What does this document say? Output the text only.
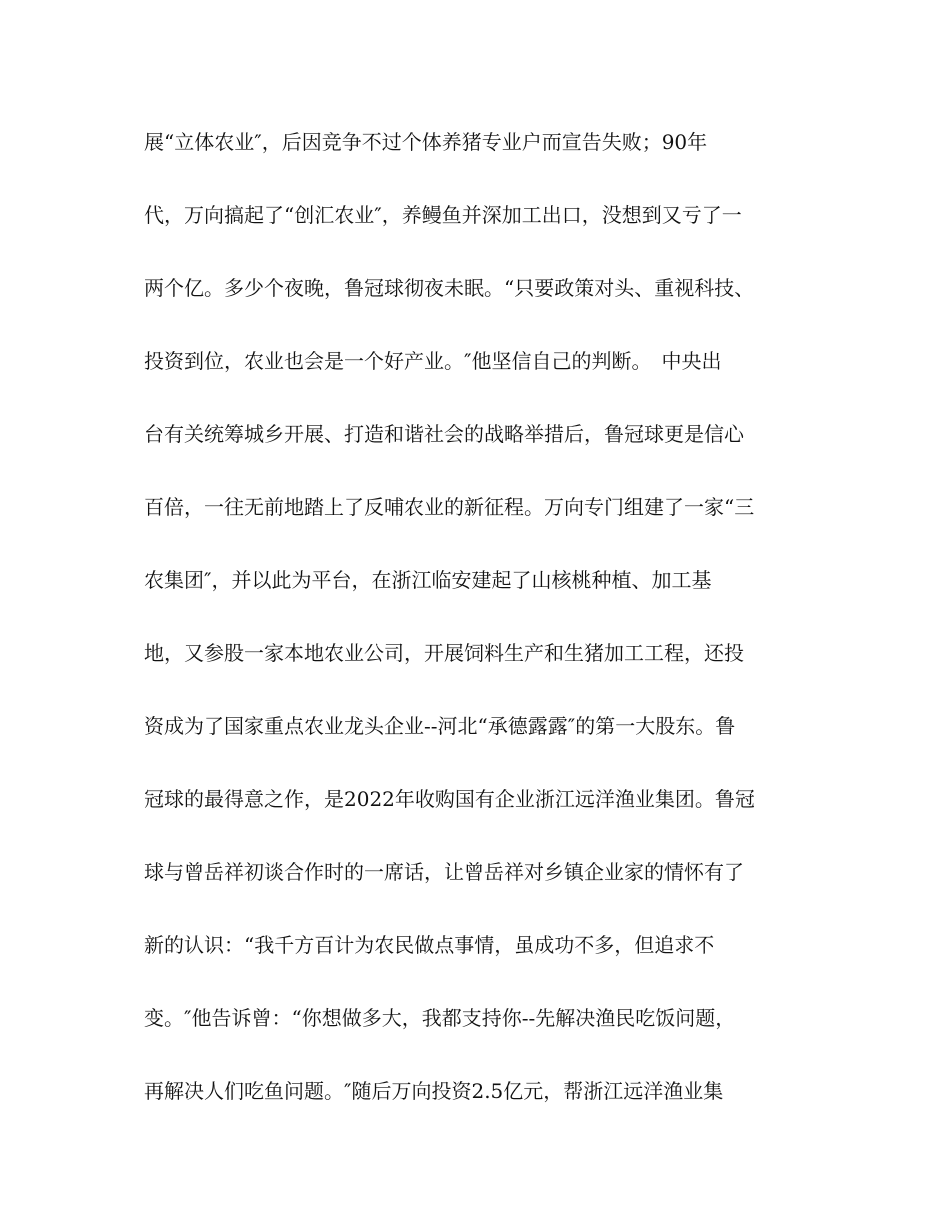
展“立体农业″，后因竞争不过个体养猪专业户而宣告失败；90年

代，万向搞起了“创汇农业″，养鳗鱼并深加工出口，没想到又亏了一

两个亿。多少个夜晚，鲁冠球彻夜未眠。“只要政策对头、重视科技、

投资到位，农业也会是一个好产业。″他坚信自己的判断。　中央出

台有关统筹城乡开展、打造和谐社会的战略举措后，鲁冠球更是信心

百倍，一往无前地踏上了反哺农业的新征程。万向专门组建了一家“三

农集团″，并以此为平台，在浙江临安建起了山核桃种植、加工基

地，又参股一家本地农业公司，开展饲料生产和生猪加工工程，还投

资成为了国家重点农业龙头企业--河北“承德露露″的第一大股东。鲁

冠球的最得意之作，是2022年收购国有企业浙江远洋渔业集团。鲁冠

球与曾岳祥初谈合作时的一席话，让曾岳祥对乡镇企业家的情怀有了

新的认识：“我千方百计为农民做点事情，虽成功不多，但追求不

变。″他告诉曾：“你想做多大，我都支持你--先解决渔民吃饭问题，

再解决人们吃鱼问题。″随后万向投资2.5亿元，帮浙江远洋渔业集
